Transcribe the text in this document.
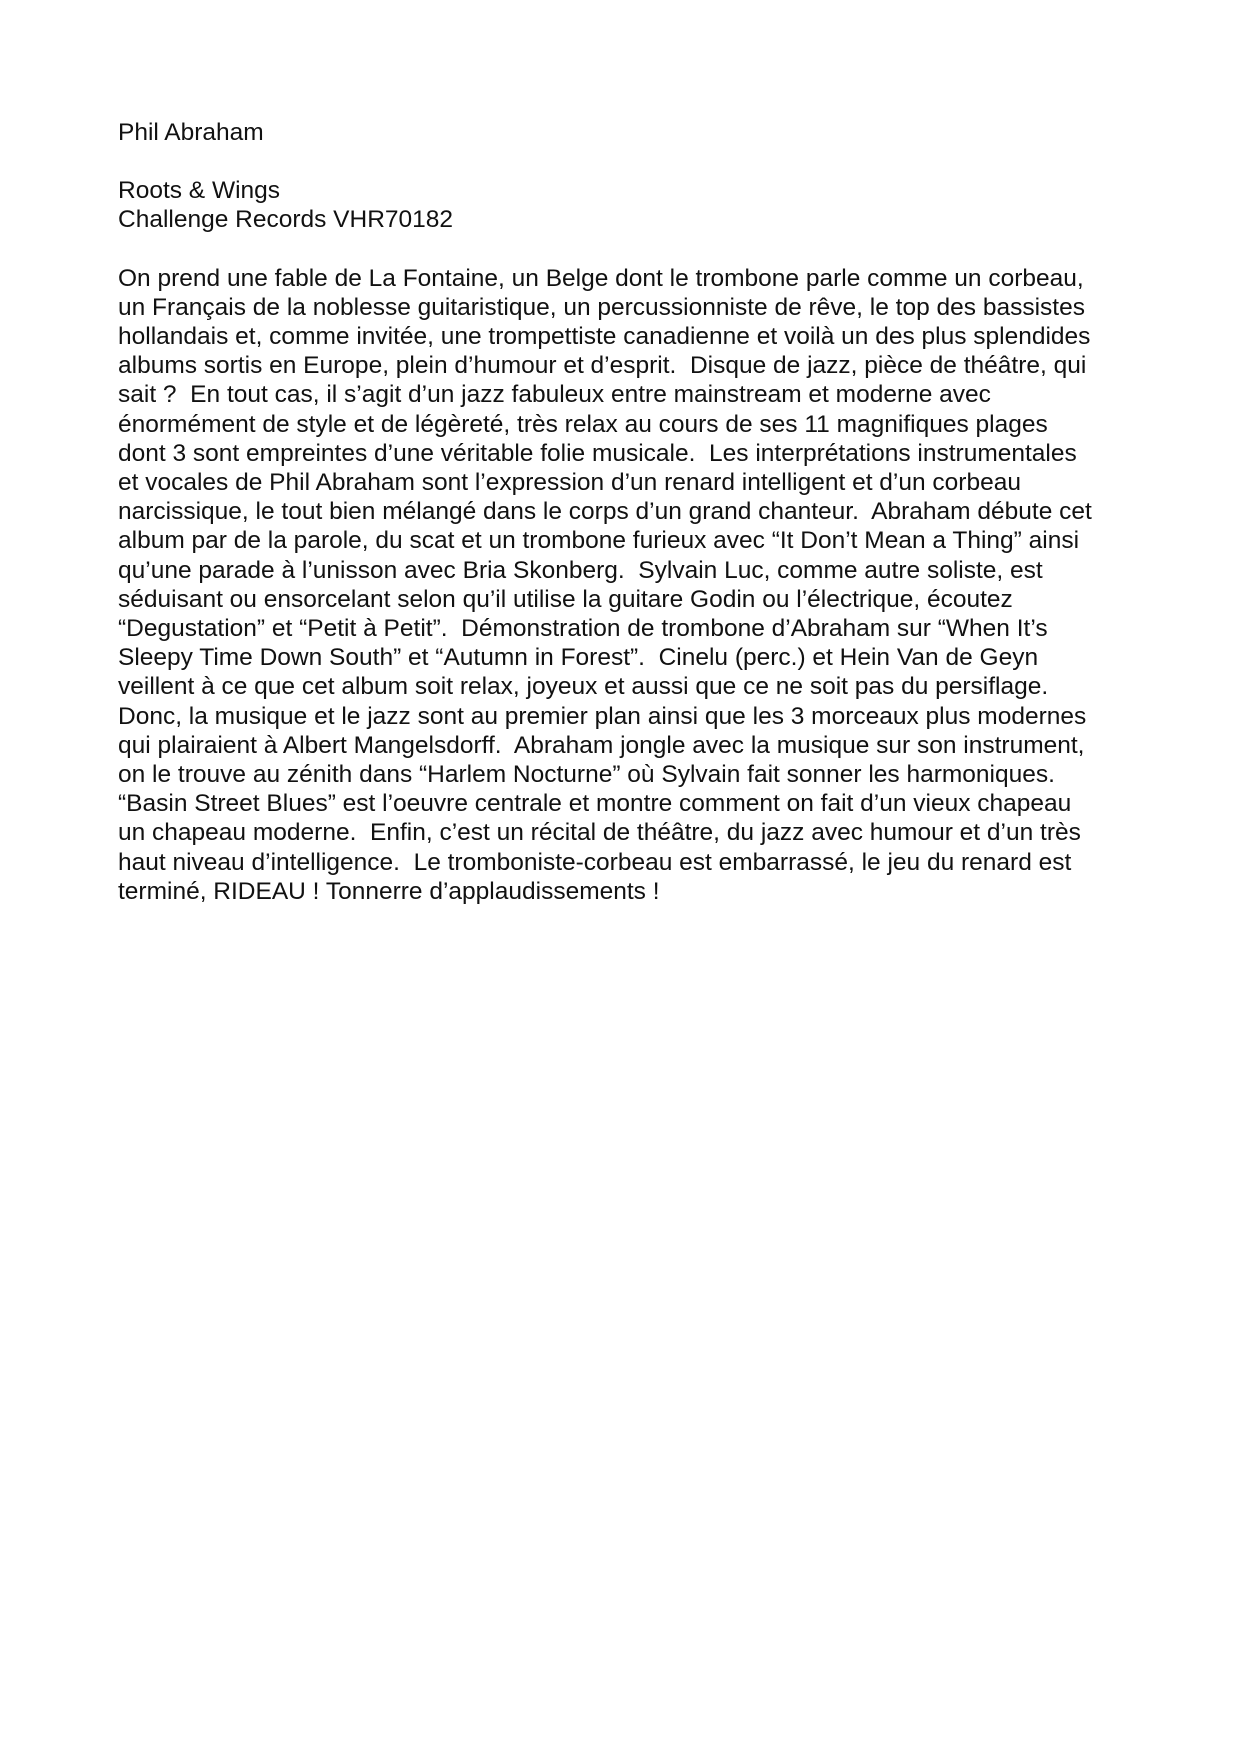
Phil Abraham
Roots & Wings
Challenge Records VHR70182
On prend une fable de La Fontaine, un Belge dont le trombone parle comme un corbeau,
un Français de la noblesse guitaristique, un percussionniste de rêve, le top des bassistes
hollandais et, comme invitée, une trompettiste canadienne et voilà un des plus splendides
albums sortis en Europe, plein d’humour et d’esprit.  Disque de jazz, pièce de théâtre, qui
sait ?  En tout cas, il s’agit d’un jazz fabuleux entre mainstream et moderne avec
énormément de style et de légèreté, très relax au cours de ses 11 magnifiques plages
dont 3 sont empreintes d’une véritable folie musicale.  Les interprétations instrumentales
et vocales de Phil Abraham sont l’expression d’un renard intelligent et d’un corbeau
narcissique, le tout bien mélangé dans le corps d’un grand chanteur.  Abraham débute cet
album par de la parole, du scat et un trombone furieux avec “It Don’t Mean a Thing” ainsi
qu’une parade à l’unisson avec Bria Skonberg.  Sylvain Luc, comme autre soliste, est
séduisant ou ensorcelant selon qu’il utilise la guitare Godin ou l’électrique, écoutez
“Degustation” et “Petit à Petit”.  Démonstration de trombone d’Abraham sur “When It’s
Sleepy Time Down South” et “Autumn in Forest”.  Cinelu (perc.) et Hein Van de Geyn
veillent à ce que cet album soit relax, joyeux et aussi que ce ne soit pas du persiflage.
Donc, la musique et le jazz sont au premier plan ainsi que les 3 morceaux plus modernes
qui plairaient à Albert Mangelsdorff.  Abraham jongle avec la musique sur son instrument,
on le trouve au zénith dans “Harlem Nocturne” où Sylvain fait sonner les harmoniques.
“Basin Street Blues” est l’oeuvre centrale et montre comment on fait d’un vieux chapeau
un chapeau moderne.  Enfin, c’est un récital de théâtre, du jazz avec humour et d’un très
haut niveau d’intelligence.  Le tromboniste-corbeau est embarrassé, le jeu du renard est
terminé, RIDEAU ! Tonnerre d’applaudissements !
